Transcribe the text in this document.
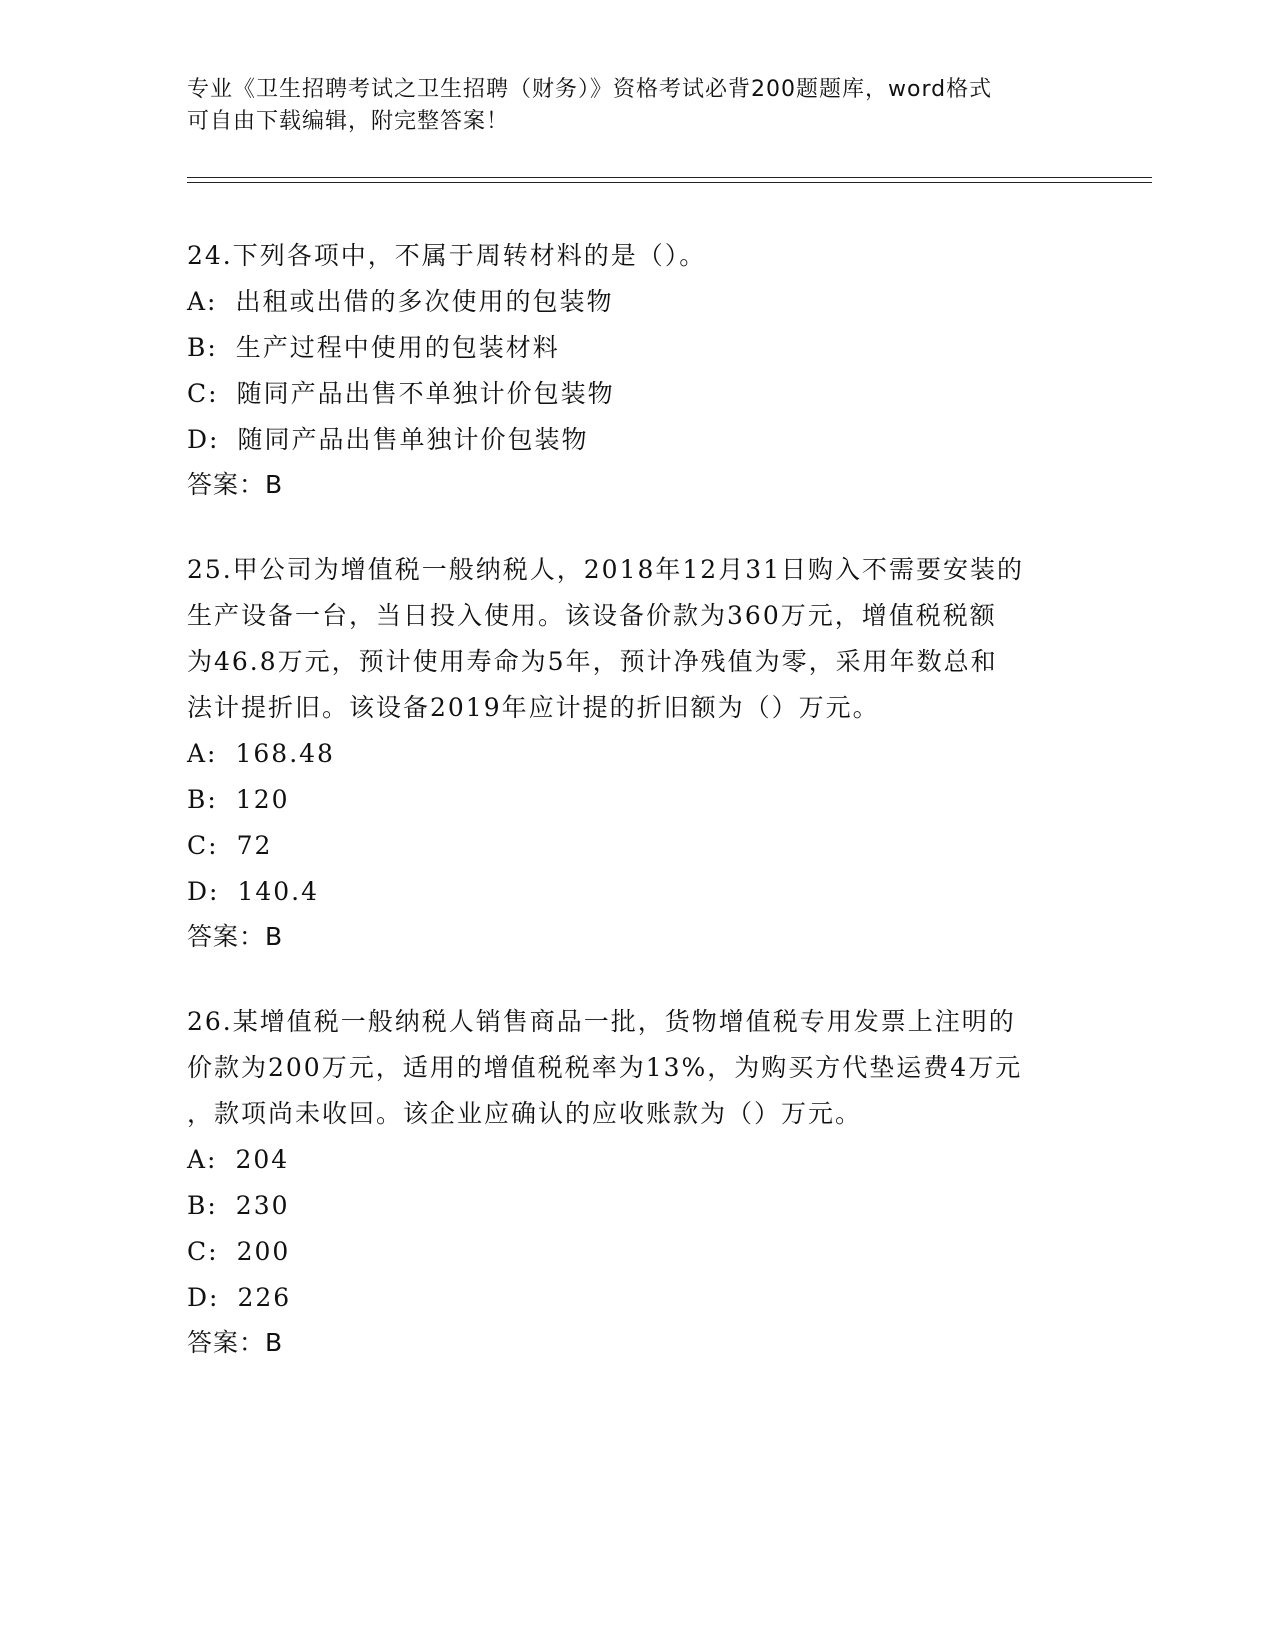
专业《卫生招聘考试之卫生招聘（财务）》资格考试必背200题题库，word格式
可自由下载编辑，附完整答案！
24.下列各项中，不属于周转材料的是（）。
A: 出租或出借的多次使用的包装物
B: 生产过程中使用的包装材料
C: 随同产品出售不单独计价包装物
D: 随同产品出售单独计价包装物
答案：B
25.甲公司为增值税一般纳税人，2018年12月31日购入不需要安装的
生产设备一台，当日投入使用。该设备价款为360万元，增值税税额
为46.8万元，预计使用寿命为5年，预计净残值为零，采用年数总和
法计提折旧。该设备2019年应计提的折旧额为（）万元。
A: 168.48
B: 120
C: 72
D: 140.4
答案：B
26.某增值税一般纳税人销售商品一批，货物增值税专用发票上注明的
价款为200万元，适用的增值税税率为13%，为购买方代垫运费4万元
，款项尚未收回。该企业应确认的应收账款为（）万元。
A: 204
B: 230
C: 200
D: 226
答案：B
